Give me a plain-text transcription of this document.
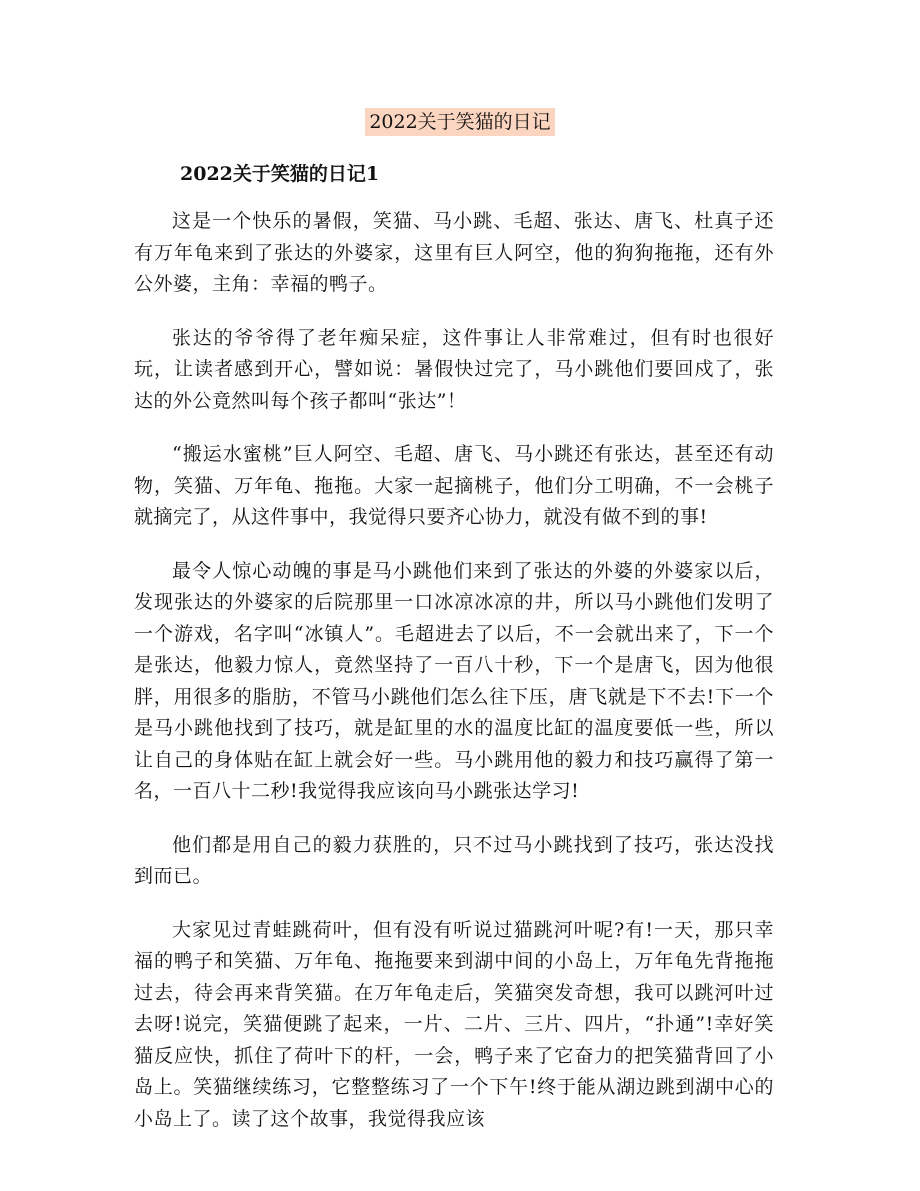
2022关于笑猫的日记
2022关于笑猫的日记1

这是一个快乐的暑假，笑猫、马小跳、毛超、张达、唐飞、杜真子还有万年龟来到了张达的外婆家，这里有巨人阿空，他的狗狗拖拖，还有外公外婆，主角：幸福的鸭子。

张达的爷爷得了老年痴呆症，这件事让人非常难过，但有时也很好玩，让读者感到开心，譬如说：暑假快过完了，马小跳他们要回戍了，张达的外公竟然叫每个孩子都叫“张达”！

“搬运水蜜桃”巨人阿空、毛超、唐飞、马小跳还有张达，甚至还有动物，笑猫、万年龟、拖拖。大家一起摘桃子，他们分工明确，不一会桃子就摘完了，从这件事中，我觉得只要齐心协力，就没有做不到的事!

最令人惊心动魄的事是马小跳他们来到了张达的外婆的外婆家以后，发现张达的外婆家的后院那里一口冰凉冰凉的井，所以马小跳他们发明了一个游戏，名字叫“冰镇人”。毛超进去了以后，不一会就出来了，下一个是张达，他毅力惊人，竟然坚持了一百八十秒，下一个是唐飞，因为他很胖，用很多的脂肪，不管马小跳他们怎么往下压，唐飞就是下不去!下一个是马小跳他找到了技巧，就是缸里的水的温度比缸的温度要低一些，所以让自己的身体贴在缸上就会好一些。马小跳用他的毅力和技巧赢得了第一名，一百八十二秒!我觉得我应该向马小跳张达学习!

他们都是用自己的毅力获胜的，只不过马小跳找到了技巧，张达没找到而已。

大家见过青蛙跳荷叶，但有没有听说过猫跳河叶呢?有!一天，那只幸福的鸭子和笑猫、万年龟、拖拖要来到湖中间的小岛上，万年龟先背拖拖过去，待会再来背笑猫。在万年龟走后，笑猫突发奇想，我可以跳河叶过去呀!说完，笑猫便跳了起来，一片、二片、三片、四片，“扑通”!幸好笑猫反应快，抓住了荷叶下的杆，一会，鸭子来了它奋力的把笑猫背回了小岛上。笑猫继续练习，它整整练习了一个下午!终于能从湖边跳到湖中心的小岛上了。读了这个故事，我觉得我应该
